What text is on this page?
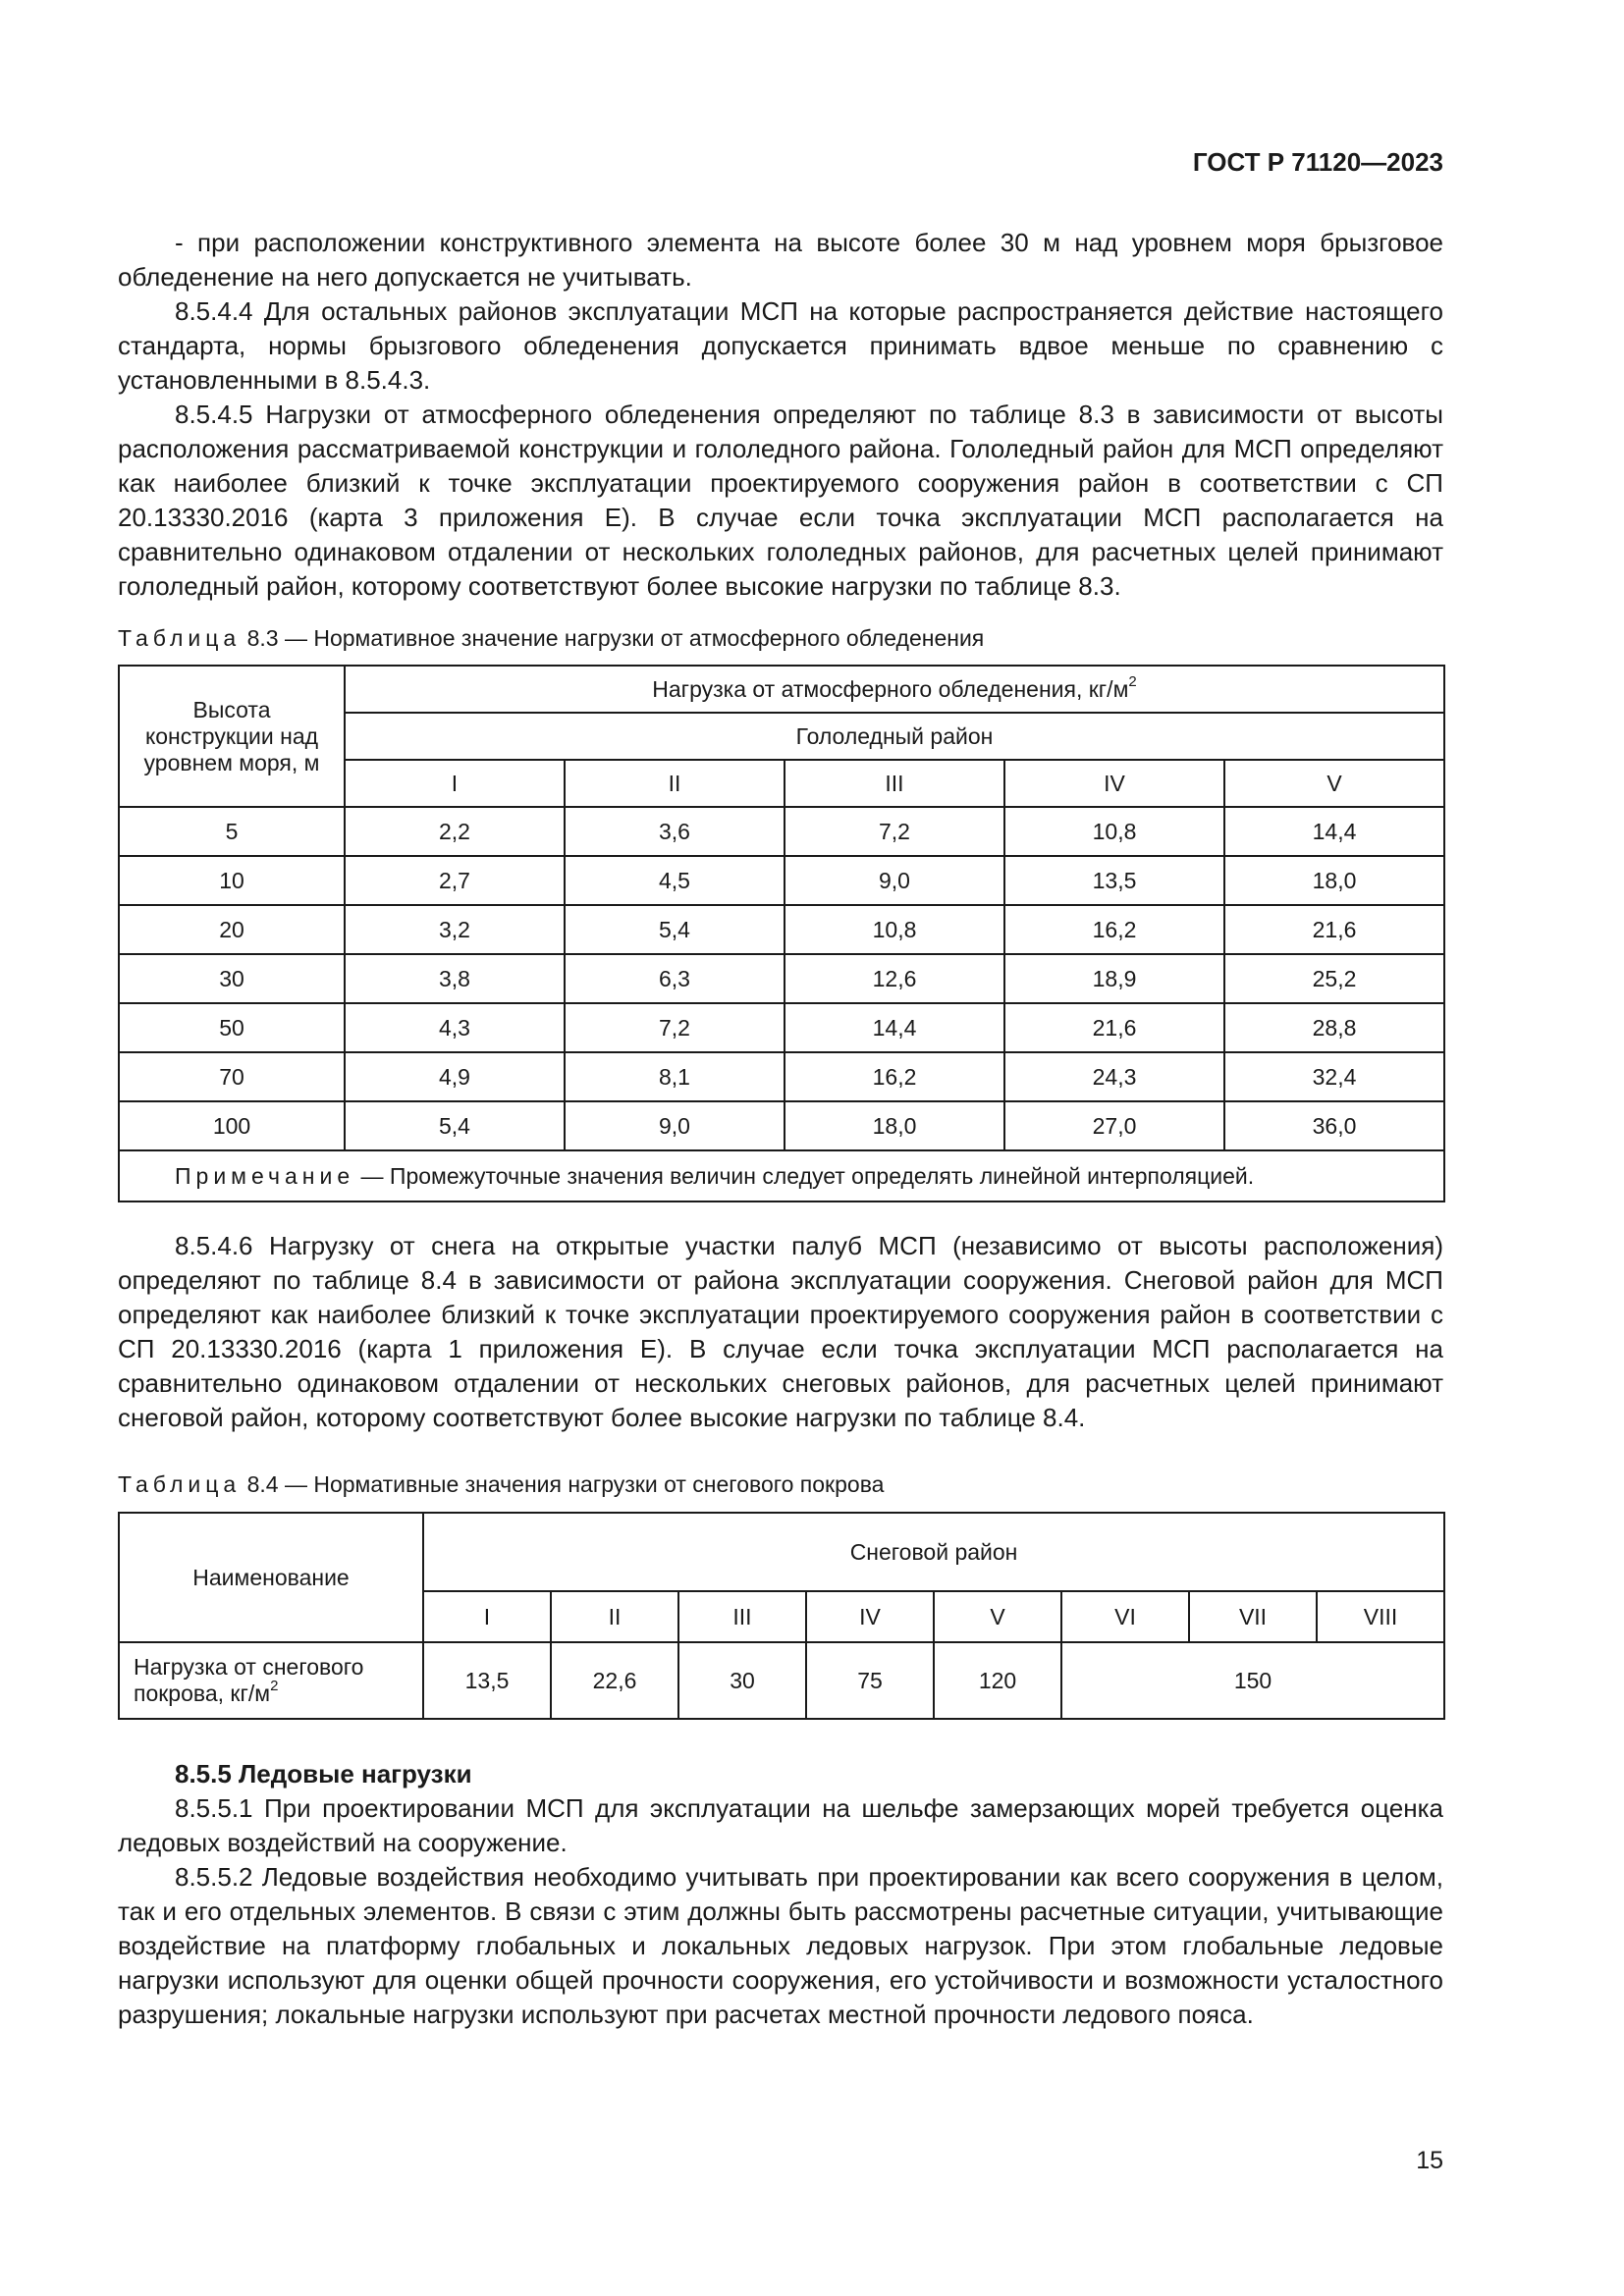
ГОСТ Р 71120—2023

- при расположении конструктивного элемента на высоте более 30 м над уровнем моря брызговое обледенение на него допускается не учитывать.

8.5.4.4 Для остальных районов эксплуатации МСП на которые распространяется действие настоящего стандарта, нормы брызгового обледенения допускается принимать вдвое меньше по сравнению с установленными в 8.5.4.3.

8.5.4.5 Нагрузки от атмосферного обледенения определяют по таблице 8.3 в зависимости от высоты расположения рассматриваемой конструкции и гололедного района. Гололедный район для МСП определяют как наиболее близкий к точке эксплуатации проектируемого сооружения район в соответствии с СП 20.13330.2016 (карта 3 приложения Е). В случае если точка эксплуатации МСП располагается на сравнительно одинаковом отдалении от нескольких гололедных районов, для расчетных целей принимают гололедный район, которому соответствуют более высокие нагрузки по таблице 8.3.

Таблица 8.3 — Нормативное значение нагрузки от атмосферного обледенения
Высота конструкции над уровнем моря, м	Нагрузка от атмосферного обледенения, $кг/м^2$
	Гололедный район				
	I	II	III	IV	V
5	2,2	3,6	7,2	10,8	14,4
10	2,7	4,5	9,0	13,5	18,0
20	3,2	5,4	10,8	16,2	21,6
30	3,8	6,3	12,6	18,9	25,2
50	4,3	7,2	14,4	21,6	28,8
70	4,9	8,1	16,2	24,3	32,4
100	5,4	9,0	18,0	27,0	36,0
Примечание — Промежуточные значения величин следует определять линейной интерполяцией.					

8.5.4.6 Нагрузку от снега на открытые участки палуб МСП (независимо от высоты расположения) определяют по таблице 8.4 в зависимости от района эксплуатации сооружения. Снеговой район для МСП определяют как наиболее близкий к точке эксплуатации проектируемого сооружения район в соответствии с СП 20.13330.2016 (карта 1 приложения Е). В случае если точка эксплуатации МСП располагается на сравнительно одинаковом отдалении от нескольких снеговых районов, для расчетных целей принимают снеговой район, которому соответствуют более высокие нагрузки по таблице 8.4.

Таблица 8.4 — Нормативные значения нагрузки от снегового покрова
Наименование	Снеговой район							
	I	II	III	IV	V	VI	VII	VIII
Нагрузка от снегового покрова, $кг/м^2$	13,5	22,6	30	75	120	150		
8.5.5 Ледовые нагрузки

8.5.5.1 При проектировании МСП для эксплуатации на шельфе замерзающих морей требуется оценка ледовых воздействий на сооружение.

8.5.5.2 Ледовые воздействия необходимо учитывать при проектировании как всего сооружения в целом, так и его отдельных элементов. В связи с этим должны быть рассмотрены расчетные ситуации, учитывающие воздействие на платформу глобальных и локальных ледовых нагрузок. При этом глобальные ледовые нагрузки используют для оценки общей прочности сооружения, его устойчивости и возможности усталостного разрушения; локальные нагрузки используют при расчетах местной прочности ледового пояса.

15
